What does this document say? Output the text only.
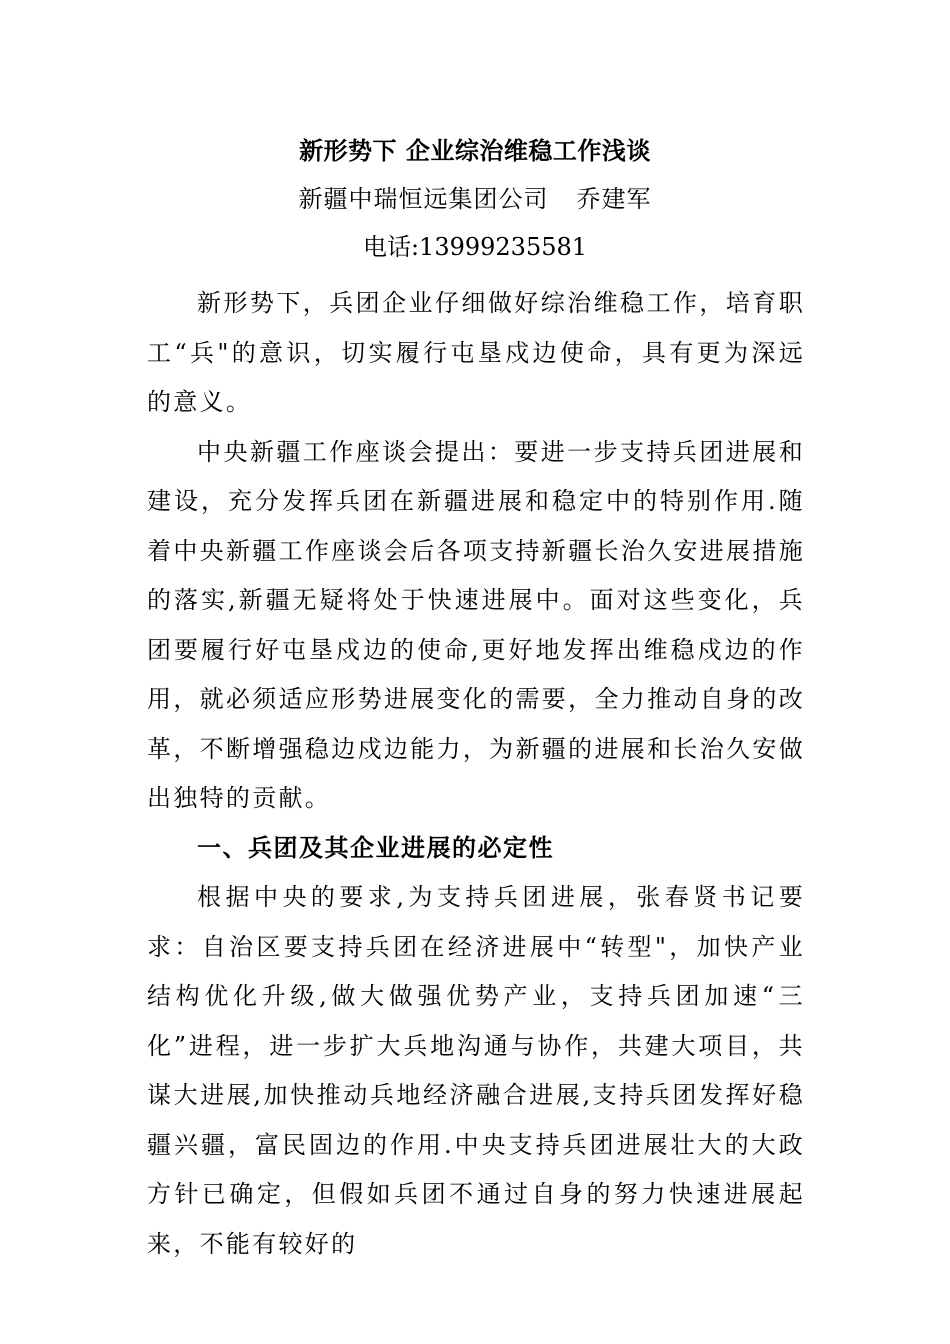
新形势下 企业综治维稳工作浅谈
新疆中瑞恒远集团公司 乔建军
电话:13999235581

新形势下，兵团企业仔细做好综治维稳工作，培育职工“兵"的意识，切实履行屯垦戍边使命，具有更为深远的意义。

中央新疆工作座谈会提出：要进一步支持兵团进展和建设，充分发挥兵团在新疆进展和稳定中的特别作用.随着中央新疆工作座谈会后各项支持新疆长治久安进展措施的落实,新疆无疑将处于快速进展中。面对这些变化，兵团要履行好屯垦戍边的使命,更好地发挥出维稳戍边的作用，就必须适应形势进展变化的需要，全力推动自身的改革，不断增强稳边戍边能力，为新疆的进展和长治久安做出独特的贡献。

一、兵团及其企业进展的必定性

根据中央的要求,为支持兵团进展，张春贤书记要求：自治区要支持兵团在经济进展中“转型"，加快产业结构优化升级,做大做强优势产业，支持兵团加速“三化”进程，进一步扩大兵地沟通与协作，共建大项目，共谋大进展,加快推动兵地经济融合进展,支持兵团发挥好稳疆兴疆，富民固边的作用.中央支持兵团进展壮大的大政方针已确定，但假如兵团不通过自身的努力快速进展起来，不能有较好的
